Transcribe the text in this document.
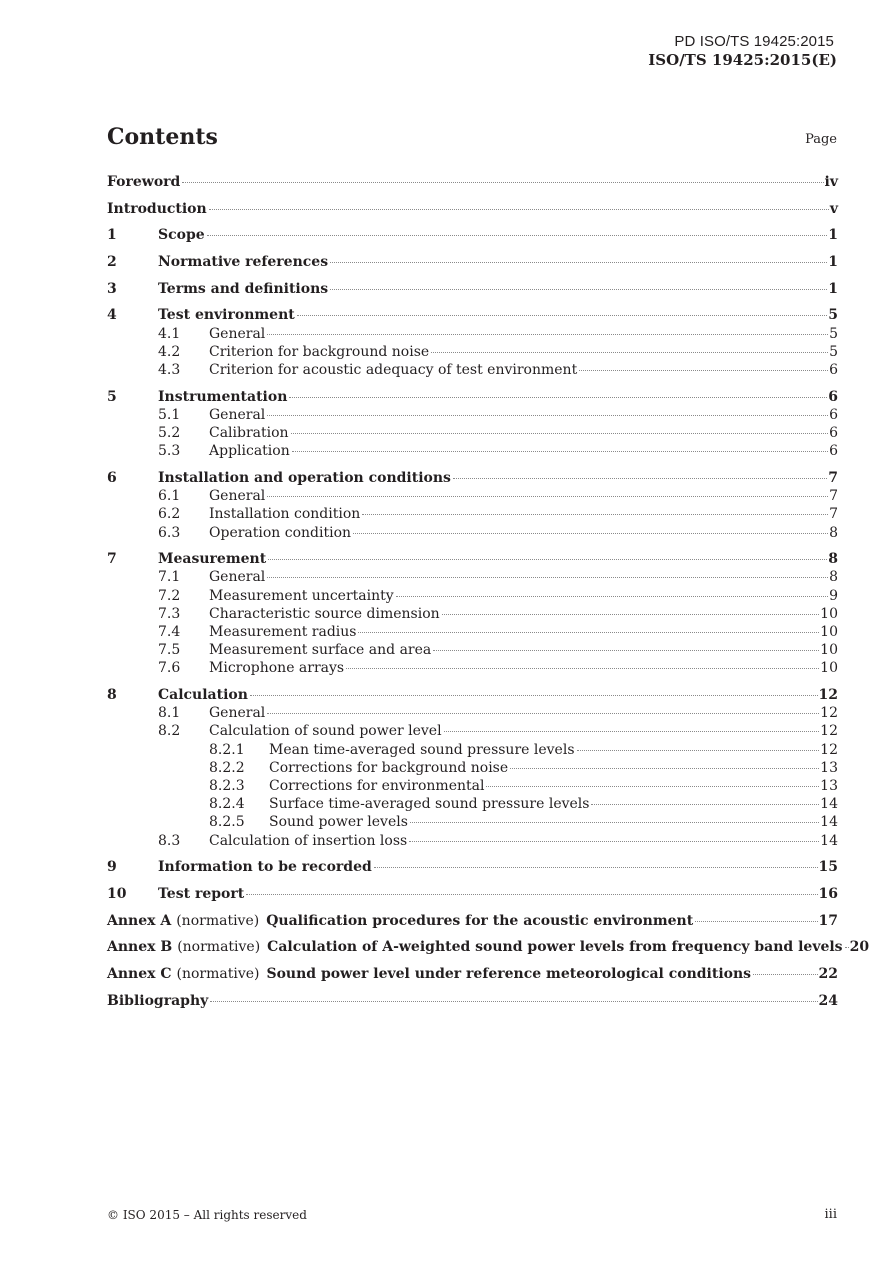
PD ISO/TS 19425:2015
ISO/TS 19425:2015(E)
Contents	Page
Foreword	iv
Introduction	v
1	Scope	1
2	Normative references	1
3	Terms and definitions	1
4	Test environment	5
4.1	General	5
4.2	Criterion for background noise	5
4.3	Criterion for acoustic adequacy of test environment	6
5	Instrumentation	6
5.1	General	6
5.2	Calibration	6
5.3	Application	6
6	Installation and operation conditions	7
6.1	General	7
6.2	Installation condition	7
6.3	Operation condition	8
7	Measurement	8
7.1	General	8
7.2	Measurement uncertainty	9
7.3	Characteristic source dimension	10
7.4	Measurement radius	10
7.5	Measurement surface and area	10
7.6	Microphone arrays	10
8	Calculation	12
8.1	General	12
8.2	Calculation of sound power level	12
8.2.1	Mean time-averaged sound pressure levels	12
8.2.2	Corrections for background noise	13
8.2.3	Corrections for environmental	13
8.2.4	Surface time-averaged sound pressure levels	14
8.2.5	Sound power levels	14
8.3	Calculation of insertion loss	14
9	Information to be recorded	15
10	Test report	16
Annex A (normative) Qualification procedures for the acoustic environment	17
Annex B (normative) Calculation of A-weighted sound power levels from frequency band levels 20
Annex C (normative) Sound power level under reference meteorological conditions	22
Bibliography	24
© ISO 2015 – All rights reserved	iii
